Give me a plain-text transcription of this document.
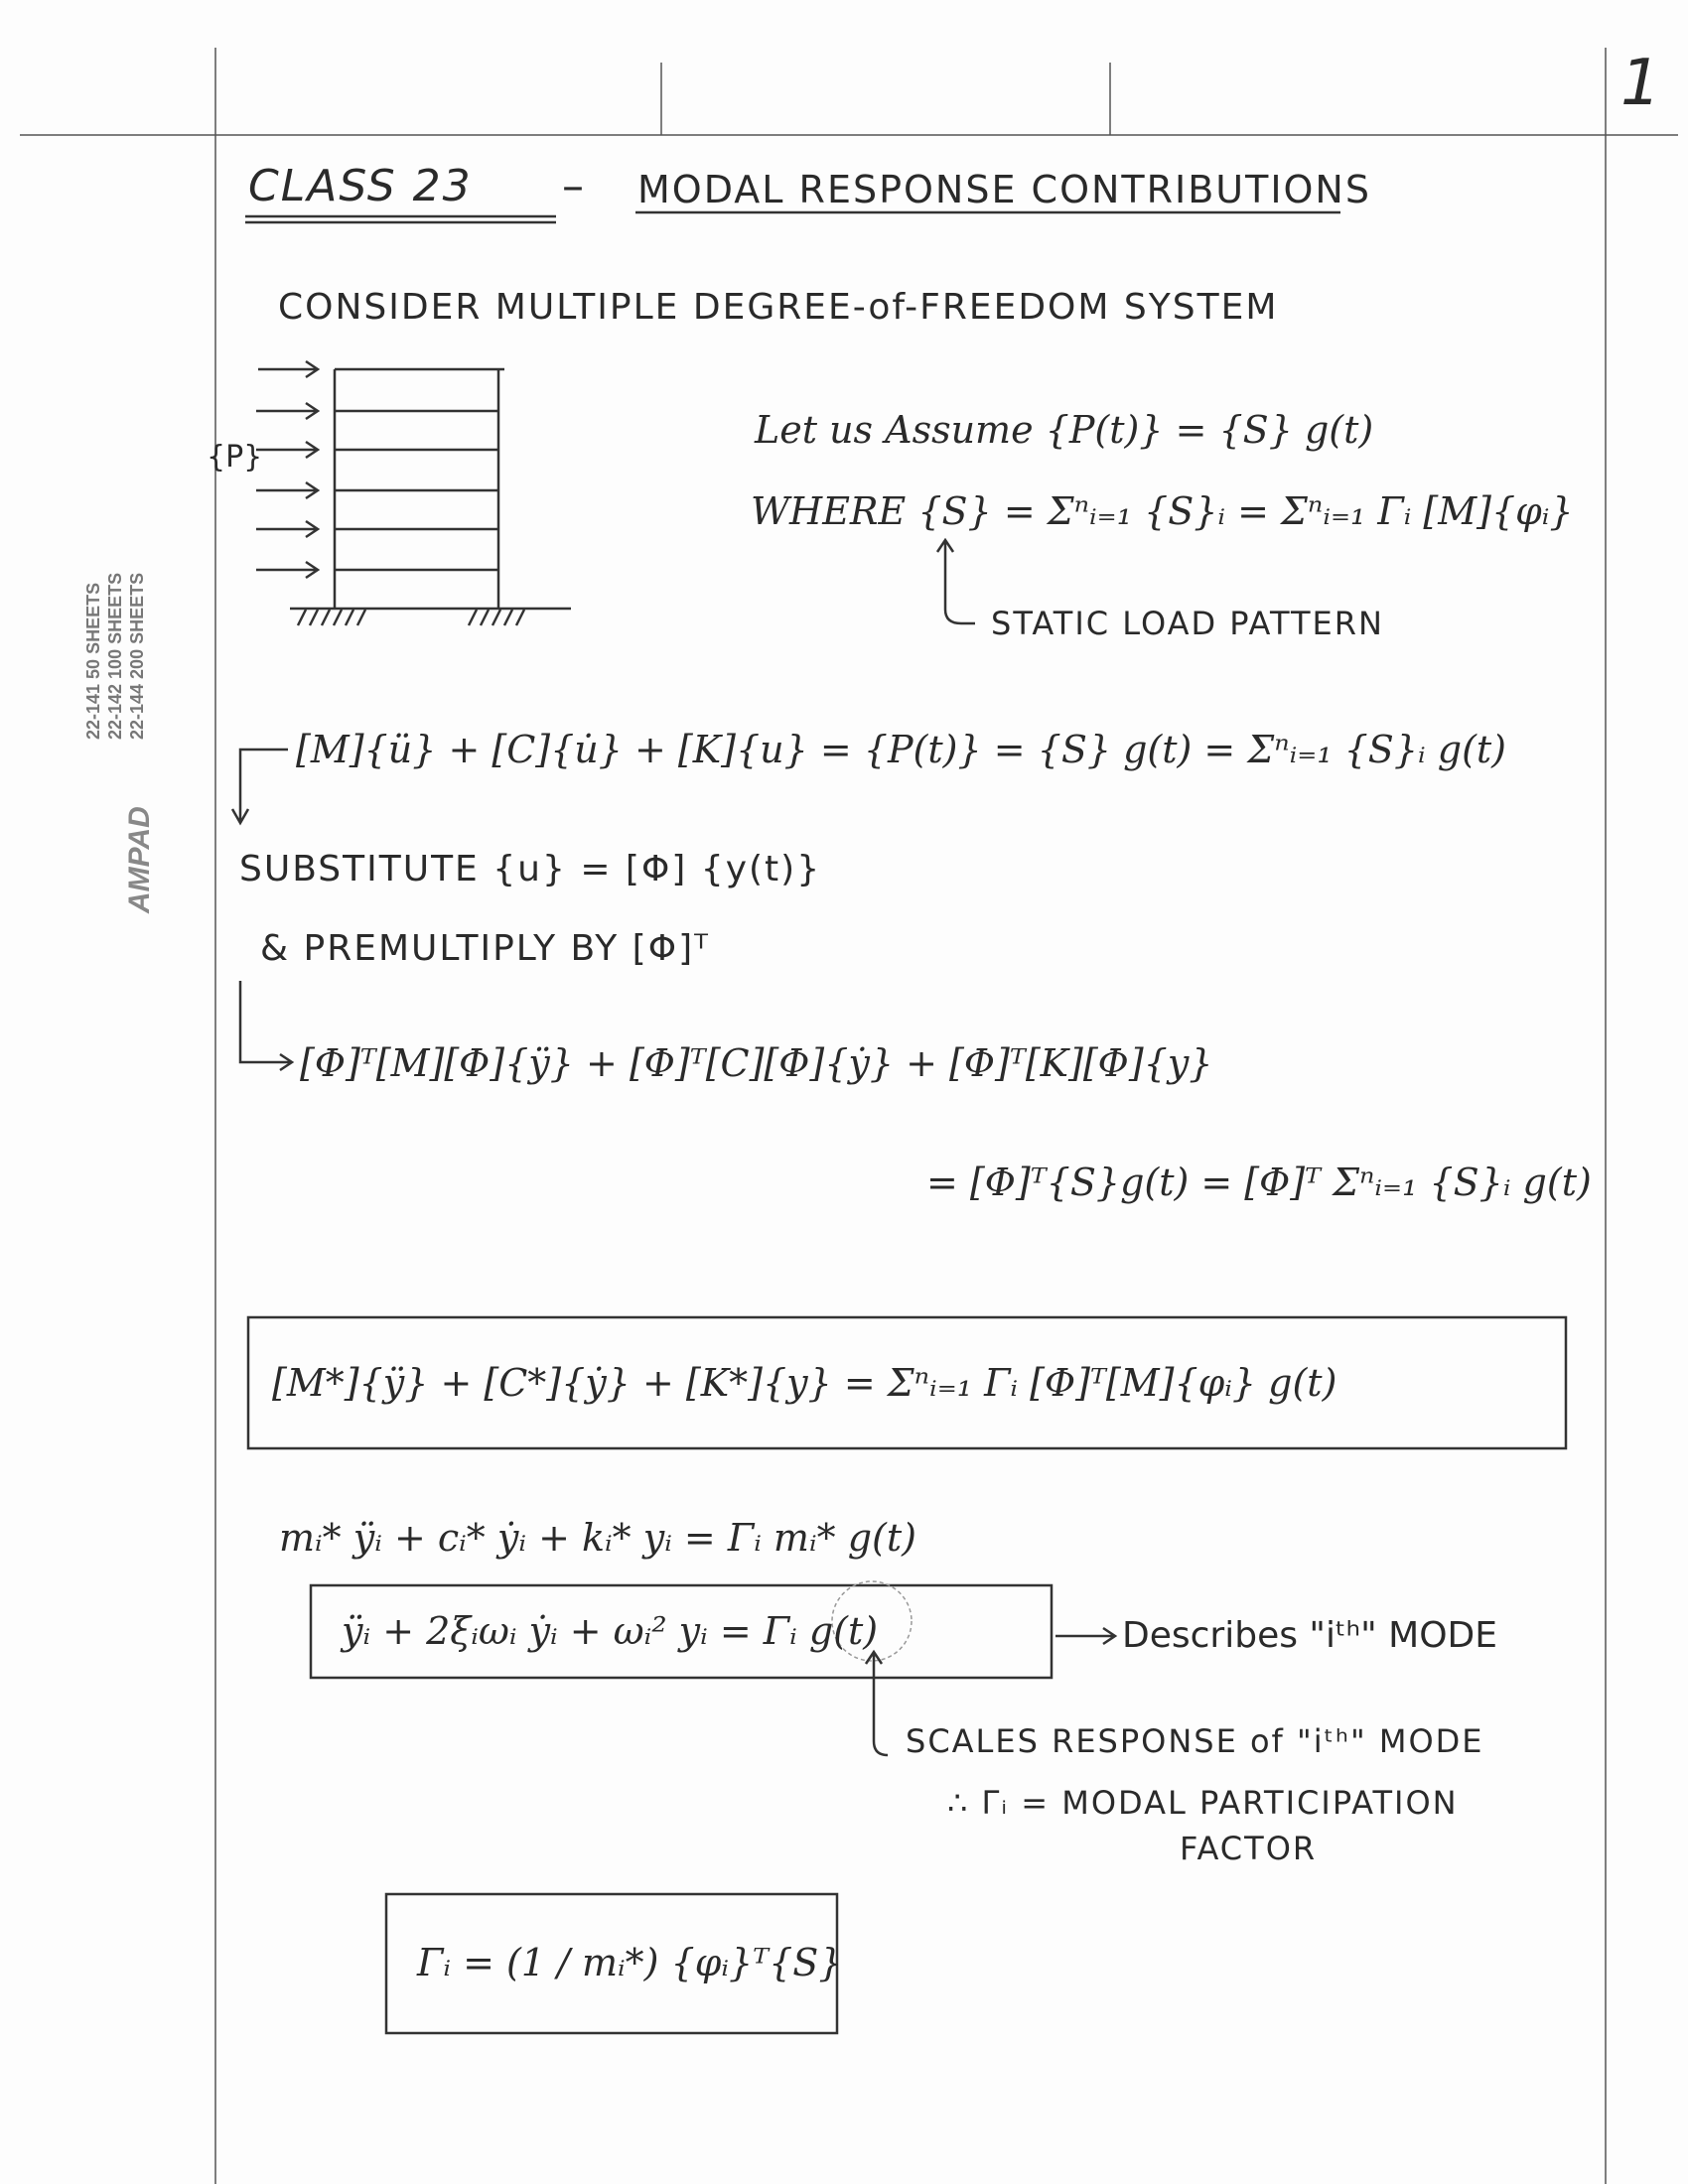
1
CLASS 23 – MODAL RESPONSE CONTRIBUTIONS
CONSIDER MULTIPLE DEGREE-of-FREEDOM SYSTEM
{P}
Let us Assume {P(t)} = {S} g(t)
WHERE {S} = Σⁿᵢ₌₁ {S}ᵢ = Σⁿᵢ₌₁ Γᵢ [M]{φᵢ}
STATIC LOAD PATTERN
[M]{ü} + [C]{u̇} + [K]{u} = {P(t)} = {S} g(t) = Σⁿᵢ₌₁ {S}ᵢ g(t)
SUBSTITUTE {u} = [Φ] {y(t)}
& PREMULTIPLY BY [Φ]ᵀ
[Φ]ᵀ[M][Φ]{ÿ} + [Φ]ᵀ[C][Φ]{ẏ} + [Φ]ᵀ[K][Φ]{y}
= [Φ]ᵀ{S}g(t) = [Φ]ᵀ Σⁿᵢ₌₁ {S}ᵢ g(t)
[M*]{ÿ} + [C*]{ẏ} + [K*]{y} = Σⁿᵢ₌₁ Γᵢ [Φ]ᵀ[M]{φᵢ} g(t)
mᵢ* ÿᵢ + cᵢ* ẏᵢ + kᵢ* yᵢ = Γᵢ mᵢ* g(t)
ÿᵢ + 2ξᵢωᵢ ẏᵢ + ωᵢ² yᵢ = Γᵢ g(t)	Describes "iᵗʰ" MODE
SCALES RESPONSE of "iᵗʰ" MODE
∴ Γᵢ = MODAL PARTICIPATION
FACTOR
Γᵢ = (1 / mᵢ*) {φᵢ}ᵀ{S}
22-141 50 SHEETS 22-142 100 SHEETS 22-144 200 SHEETS
AMPAD
